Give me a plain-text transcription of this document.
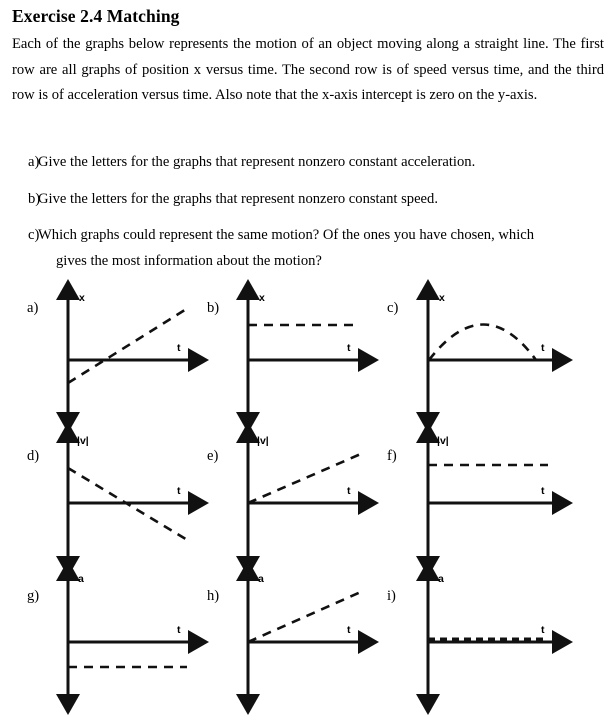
Exercise 2.4 Matching
Each of the graphs below represents the motion of an object moving along a straight line. The first row are all graphs of position x versus time. The second row is of speed versus time, and the third row is of acceleration versus time. Also note that the x-axis intercept is zero on the y-axis.
a)
Give the letters for the graphs that represent nonzero constant acceleration.
b)
Give the letters for the graphs that represent nonzero constant speed.
c)
Which graphs could represent the same motion? Of the ones you have chosen, which
gives the most information about the motion?
a)
x
t
b)
x
t
c)
x
t
d)
|v|
t
e)
|v|
t
f)
|v|
t
g)
a
t
h)
a
t
i)
a
t
